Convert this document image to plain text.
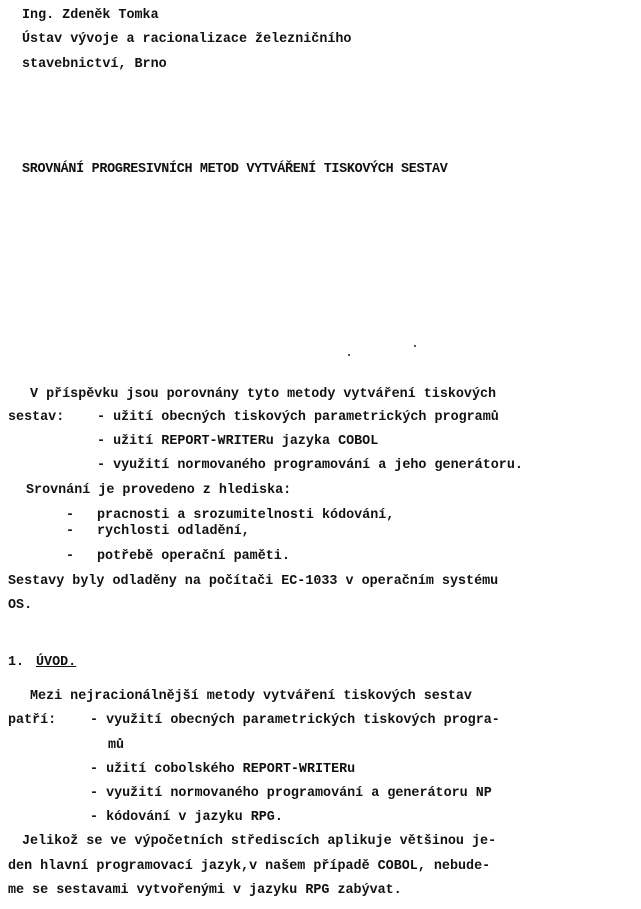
Ing. Zdeněk Tomka
Ústav vývoje a racionalizace železničního
stavebnictví, Brno
SROVNÁNÍ PROGRESIVNÍCH METOD VYTVÁŘENÍ TISKOVÝCH SESTAV
V příspěvku jsou porovnány tyto metody vytváření tiskových
sestav: - užití obecných tiskových parametrických programů
- užití REPORT-WRITERu jazyka COBOL
- využití normovaného programování a jeho generátoru.
Srovnání je provedeno z hlediska:
- pracnosti a srozumitelnosti kódování,
- rychlosti odladění,
- potřebě operační paměti.
Sestavy byly odladěny na počítači EC-1033 v operačním systému
OS.
1. ÚVOD.
Mezi nejracionálnější metody vytváření tiskových sestav
patří:	- využití obecných parametrických tiskových progra-
mů
- užití cobolského REPORT-WRITERu
- využití normovaného programování a generátoru NP
- kódování v jazyku RPG.
Jelikož se ve výpočetních střediscích aplikuje většinou je-
den hlavní programovací jazyk,v našem případě COBOL, nebude-
me se sestavami vytvořenými v jazyku RPG zabývat.
